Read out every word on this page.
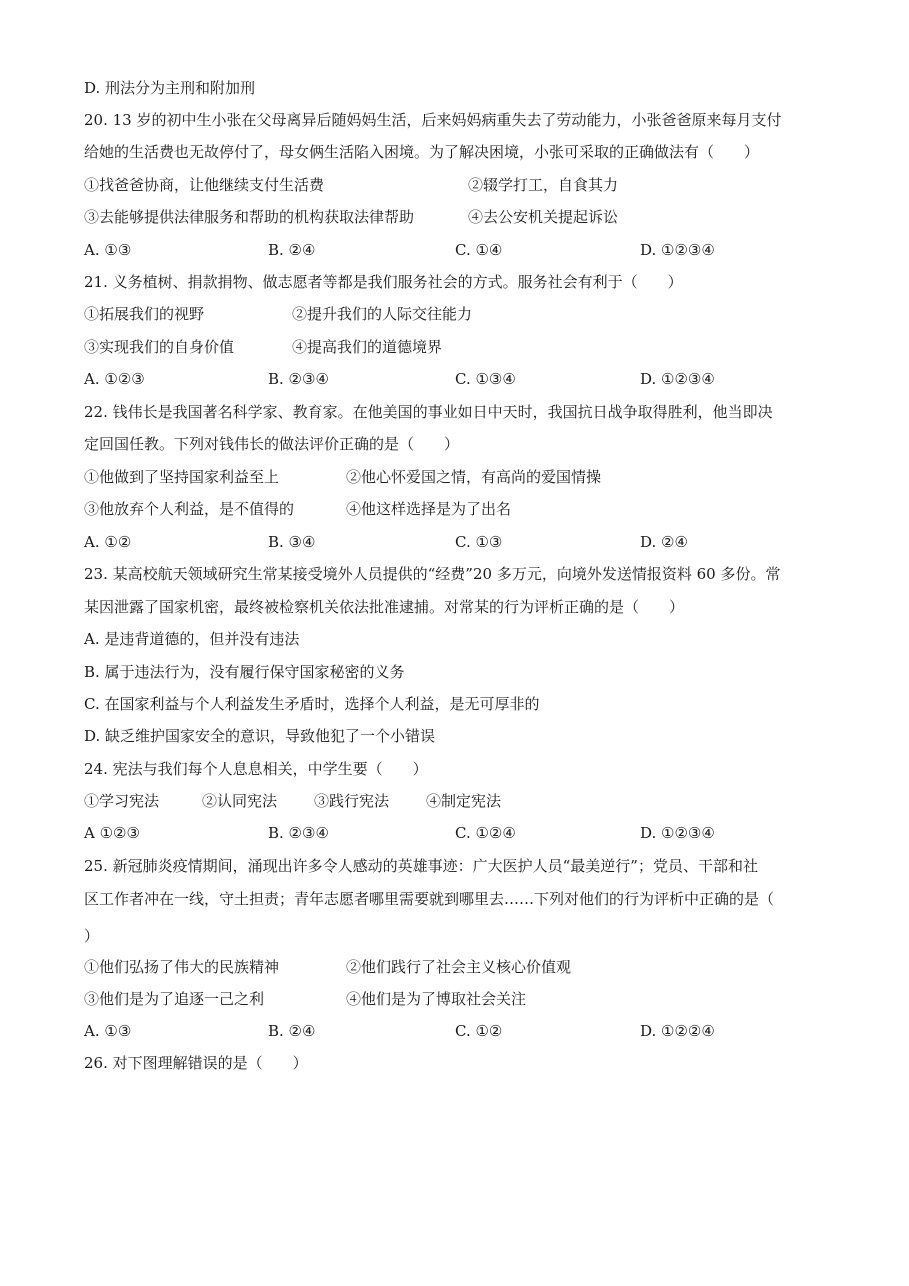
D. 刑法分为主刑和附加刑
20. 13 岁的初中生小张在父母离异后随妈妈生活，后来妈妈病重失去了劳动能力，小张爸爸原来每月支付
给她的生活费也无故停付了，母女俩生活陷入困境。为了解决困境，小张可采取的正确做法有（　　）
①找爸爸协商，让他继续支付生活费	②辍学打工，自食其力
③去能够提供法律服务和帮助的机构获取法律帮助	④去公安机关提起诉讼
A. ①③	B. ②④	C. ①④	D. ①②③④
21. 义务植树、捐款捐物、做志愿者等都是我们服务社会的方式。服务社会有利于（　　）
①拓展我们的视野	②提升我们的人际交往能力
③实现我们的自身价值	④提高我们的道德境界
A. ①②③	B. ②③④	C. ①③④	D. ①②③④
22. 钱伟长是我国著名科学家、教育家。在他美国的事业如日中天时，我国抗日战争取得胜利，他当即决
定回国任教。下列对钱伟长的做法评价正确的是（　　）
①他做到了坚持国家利益至上	②他心怀爱国之情，有高尚的爱国情操
③他放弃个人利益，是不值得的	④他这样选择是为了出名
A. ①②	B. ③④	C. ①③	D. ②④
23. 某高校航天领域研究生常某接受境外人员提供的“经费”20 多万元，向境外发送情报资料 60 多份。常
某因泄露了国家机密，最终被检察机关依法批准逮捕。对常某的行为评析正确的是（　　）
A. 是违背道德的，但并没有违法
B. 属于违法行为，没有履行保守国家秘密的义务
C. 在国家利益与个人利益发生矛盾时，选择个人利益，是无可厚非的
D. 缺乏维护国家安全的意识，导致他犯了一个小错误
24. 宪法与我们每个人息息相关，中学生要（　　）
①学习宪法	②认同宪法 ③践行宪法 ④制定宪法
A ①②③	B. ②③④	C. ①②④	D. ①②③④
25. 新冠肺炎疫情期间，涌现出许多令人感动的英雄事迹：广大医护人员“最美逆行”；党员、干部和社
区工作者冲在一线，守土担责；青年志愿者哪里需要就到哪里去……下列对他们的行为评析中正确的是（
）
①他们弘扬了伟大的民族精神	②他们践行了社会主义核心价值观
③他们是为了追逐一己之利	④他们是为了博取社会关注
A. ①③	B. ②④	C. ①②	D. ①②②④
26. 对下图理解错误的是（　　）
